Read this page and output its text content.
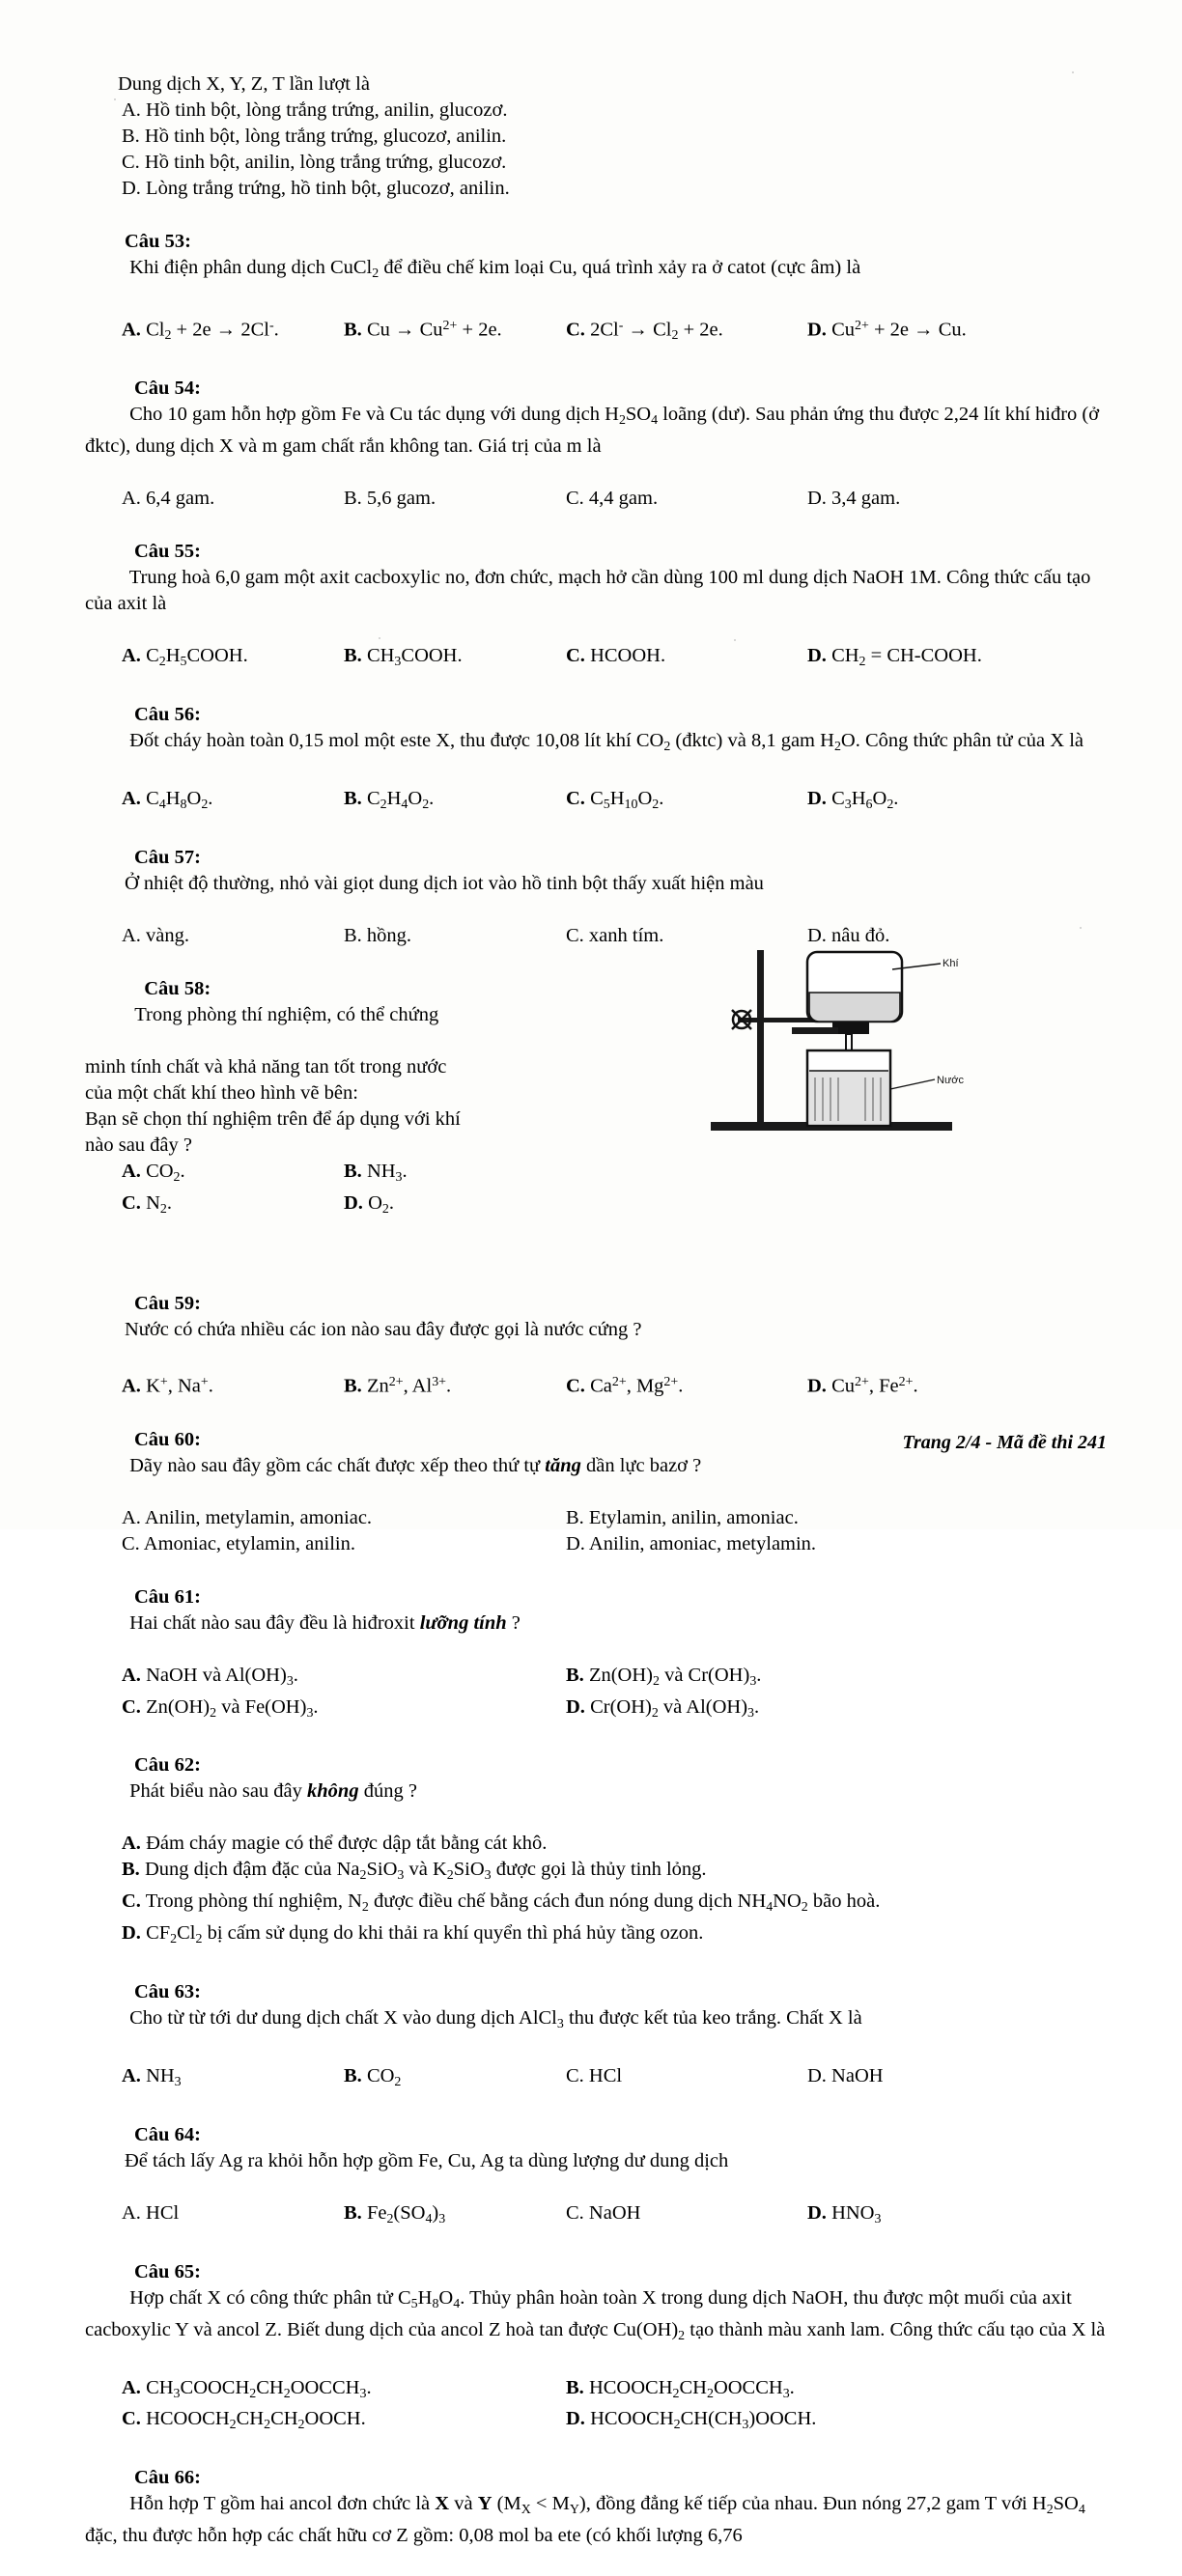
Dung dịch X, Y, Z, T lần lượt là
A. Hồ tinh bột, lòng trắng trứng, anilin, glucozơ.
B. Hồ tinh bột, lòng trắng trứng, glucozơ, anilin.
C. Hồ tinh bột, anilin, lòng trắng trứng, glucozơ.
D. Lòng trắng trứng, hồ tinh bột, glucozơ, anilin.

Câu 53:
Khi điện phân dung dịch CuCl$_2$ để điều chế kim loại Cu, quá trình xảy ra ở catot (cực âm) là

A. $Cl_2 + 2e \to 2Cl^-$.	B. $Cu \to Cu^{2+} + 2e$.	C. $2Cl^- \to Cl_2 + 2e$.	D. $Cu^{2+} + 2e \to Cu$.

Câu 54:
Cho 10 gam hỗn hợp gồm Fe và Cu tác dụng với dung dịch $H_2SO_4$ loãng (dư). Sau phản ứng thu được 2,24 lít khí hiđro (ở đktc), dung dịch X và m gam chất rắn không tan. Giá trị của m là

A. 6,4 gam.	B. 5,6 gam.	C. 4,4 gam.	D. 3,4 gam.

Câu 55:
Trung hoà 6,0 gam một axit cacboxylic no, đơn chức, mạch hở cần dùng 100 ml dung dịch NaOH 1M. Công thức cấu tạo của axit là

A. $C_2H_5COOH$.	B. $CH_3COOH$.	C. HCOOH.	D. $CH_2$ = CH-COOH.

Câu 56:
Đốt cháy hoàn toàn 0,15 mol một este X, thu được 10,08 lít khí $CO_2$ (đktc) và 8,1 gam $H_2O$. Công thức phân tử của X là

A. $C_4H_8O_2$.	B. $C_2H_4O_2$.	C. $C_5H_{10}O_2$.	D. $C_3H_6O_2$.

Câu 57:
Ở nhiệt độ thường, nhỏ vài giọt dung dịch iot vào hồ tinh bột thấy xuất hiện màu

A. vàng.	B. hồng.	C. xanh tím.	D. nâu đỏ.

Câu 58:
Trong phòng thí nghiệm, có thể chứng

minh tính chất và khả năng tan tốt trong nước
của một chất khí theo hình vẽ bên:
Bạn sẽ chọn thí nghiệm trên để áp dụng với khí
nào sau đây ?
A. $CO_2$.	B. $NH_3$.
C. $N_2$.	D. $O_2$.
Khí
Nước

Câu 59:
Nước có chứa nhiều các ion nào sau đây được gọi là nước cứng ?

A. K+, Na+.	B. $Zn^{2+}$, $Al^{3+}$.	C. $Ca^{2+}$, $Mg^{2+}$.	D. $Cu^{2+}$, $Fe^{2+}$.

Câu 60:
Dãy nào sau đây gồm các chất được xếp theo thứ tự tăng dần lực bazơ ?

A. Anilin, metylamin, amoniac.	B. Etylamin, anilin, amoniac.
C. Amoniac, etylamin, anilin.	D. Anilin, amoniac, metylamin.

Câu 61:
Hai chất nào sau đây đều là hiđroxit lưỡng tính ?

A. NaOH và $Al(OH)_3$.	B. $Zn(OH)_2$ và $Cr(OH)_3$.
C. $Zn(OH)_2$ và $Fe(OH)_3$.	D. $Cr(OH)_2$ và $Al(OH)_3$.

Câu 62:
Phát biểu nào sau đây không đúng ?

A. Đám cháy magie có thể được dập tắt bằng cát khô.
B. Dung dịch đậm đặc của $Na_2SiO_3$ và $K_2SiO_3$ được gọi là thủy tinh lỏng.
C. Trong phòng thí nghiệm, $N_2$ được điều chế bằng cách đun nóng dung dịch $NH_4NO_2$ bão hoà.
D. $CF_2Cl_2$ bị cấm sử dụng do khi thải ra khí quyển thì phá hủy tầng ozon.

Câu 63:
Cho từ từ tới dư dung dịch chất X vào dung dịch AlCl$_3$ thu được kết tủa keo trắng. Chất X là

A. $NH_3$	B. $CO_2$	C. HCl	D. NaOH

Câu 64:
Để tách lấy Ag ra khỏi hỗn hợp gồm Fe, Cu, Ag ta dùng lượng dư dung dịch

A. HCl	B. $Fe_2(SO_4)_3$	C. NaOH	D. $HNO_3$

Câu 65:
Hợp chất X có công thức phân tử $C_5H_8O_4$. Thủy phân hoàn toàn X trong dung dịch NaOH, thu được một muối của axit cacboxylic Y và ancol Z. Biết dung dịch của ancol Z hoà tan được $Cu(OH)_2$ tạo thành màu xanh lam. Công thức cấu tạo của X là

A. $CH_3COOCH_2CH_2OOCCH_3$.	B. $HCOOCH_2CH_2OOCCH_3$.
C. $HCOOCH_2CH_2CH_2OOCH$.	D. $HCOOCH_2CH(CH_3)OOCH$.

Câu 66:
Hỗn hợp T gồm hai ancol đơn chức là X và Y $(M_X < M_Y)$, đồng đẳng kế tiếp của nhau. Đun nóng 27,2 gam T với $H_2SO_4$ đặc, thu được hỗn hợp các chất hữu cơ Z gồm: 0,08 mol ba ete (có khối lượng 6,76

Trang 2/4 - Mã đề thi 241
